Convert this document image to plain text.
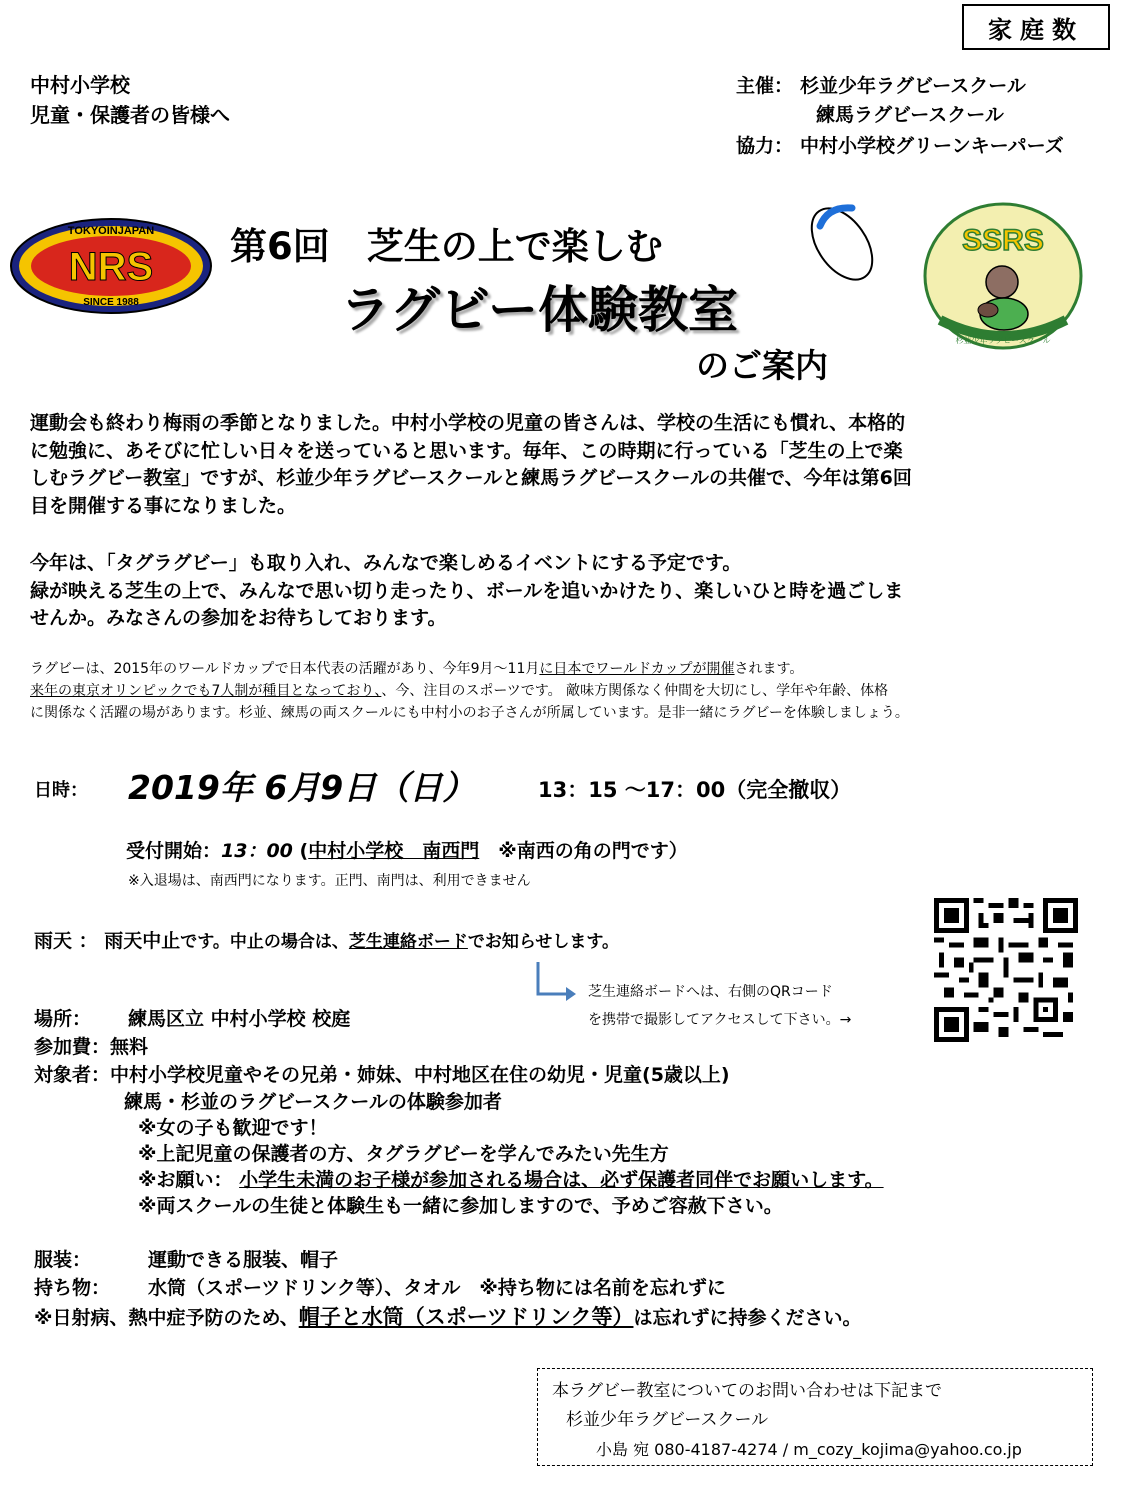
家庭数
中村小学校
児童・保護者の皆様へ
主催： 杉並少年ラグビースクール
練馬ラグビースクール
協力： 中村小学校グリーンキーパーズ
NRS
TOKYOINJAPAN
SINCE 1988
第6回　芝生の上で楽しむ
ラグビー体験教室
のご案内
SSRS
杉並少年ラグビースクール
運動会も終わり梅雨の季節となりました。中村小学校の児童の皆さんは、学校の生活にも慣れ、本格的
に勉強に、あそびに忙しい日々を送っていると思います。毎年、この時期に行っている「芝生の上で楽
しむラグビー教室」ですが、杉並少年ラグビースクールと練馬ラグビースクールの共催で、今年は第6回
目を開催する事になりました。
今年は、「タグラグビー」も取り入れ、みんなで楽しめるイベントにする予定です。
緑が映える芝生の上で、みんなで思い切り走ったり、ボールを追いかけたり、楽しいひと時を過ごしま
せんか。みなさんの参加をお待ちしております。
ラグビーは、2015年のワールドカップで日本代表の活躍があり、今年9月～11月に日本でワールドカップが開催されます。
来年の東京オリンピックでも7人制が種目となっており、、今、注目のスポーツです。 敵味方関係なく仲間を大切にし、学年や年齢、体格
に関係なく活躍の場があります。杉並、練馬の両スクールにも中村小のお子さんが所属しています。是非一緒にラグビーを体験しましょう。
日時： 2019年 6月9日（日）	13：15 ～17：00（完全撤収）
受付開始：13：00 (中村小学校　南西門　※南西の角の門です）
※入退場は、南西門になります。正門、南門は、利用できません
雨天 ： 雨天中止です。中止の場合は、芝生連絡ボードでお知らせします。
芝生連絡ボードへは、右側のQRコード
を携帯で撮影してアクセスして下さい。→
場所： 練馬区立 中村小学校 校庭
参加費：無料
対象者：中村小学校児童やその兄弟・姉妹、中村地区在住の幼児・児童(5歳以上)
練馬・杉並のラグビースクールの体験参加者
※女の子も歓迎です！
※上記児童の保護者の方、タグラグビーを学んでみたい先生方
※お願い： 小学生未満のお子様が参加される場合は、必ず保護者同伴でお願いします。
※両スクールの生徒と体験生も一緒に参加しますので、予めご容赦下さい。
服装：	運動できる服装、帽子
持ち物： 水筒（スポーツドリンク等）、タオル　※持ち物には名前を忘れずに
※日射病、熱中症予防のため、帽子と水筒（スポーツドリンク等）は忘れずに持参ください。
本ラグビー教室についてのお問い合わせは下記まで
杉並少年ラグビースクール
小島 宛 080-4187-4274 / m_cozy_kojima@yahoo.co.jp
